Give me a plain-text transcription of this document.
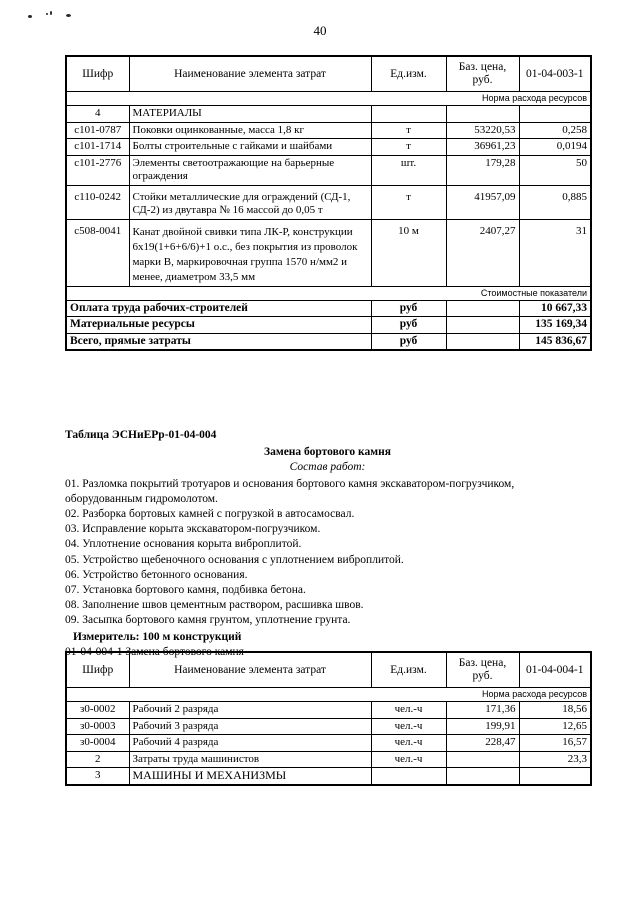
40
Шифр	Наименование элемента затрат	Ед.изм.	Баз. цена,
руб.	01-04-003-1
Норма расхода ресурсов				
4	МАТЕРИАЛЫ			
с101-0787	Поковки оцинкованные, масса 1,8 кг	т	53220,53	0,258
с101-1714	Болты строительные с гайками и шайбами	т	36961,23	0,0194
с101-2776	Элементы светоотражающие на барьерные ограждения	шт.	179,28	50
с110-0242	Стойки металлические для ограждений (СД-1, СД-2) из двутавра № 16 массой до 0,05 т	т	41957,09	0,885
с508-0041	Канат двойной свивки типа ЛК-Р, конструкции 6х19(1+6+6/6)+1 о.с., без покрытия из проволок марки В, маркировочная группа 1570 н/мм2 и менее, диаметром 33,5 мм	10 м	2407,27	31
Стоимостные показатели				
Оплата труда рабочих-строителей		руб		10 667,33
Материальные ресурсы		руб		135 169,34
Всего, прямые затраты		руб		145 836,67
Таблица ЭСНиЕРр-01-04-004
Замена бортового камня
Состав работ:
01. Разломка покрытий тротуаров и основания бортового камня экскаватором-погрузчиком, оборудованным гидромолотом.
02. Разборка бортовых камней с погрузкой в автосамосвал.
03. Исправление корыта экскаватором-погрузчиком.
04. Уплотнение основания корыта виброплитой.
05. Устройство щебеночного основания с уплотнением виброплитой.
06. Устройство бетонного основания.
07. Установка бортового камня, подбивка бетона.
08. Заполнение швов цементным раствором, расшивка швов.
09. Засыпка бортового камня грунтом, уплотнение грунта.
Измеритель: 100 м конструкций
01-04-004-1 Замена бортового камня
Шифр	Наименование элемента затрат	Ед.изм.	Баз. цена,
руб.	01-04-004-1
Норма расхода ресурсов				
з0-0002	Рабочий 2 разряда	чел.-ч	171,36	18,56
з0-0003	Рабочий 3 разряда	чел.-ч	199,91	12,65
з0-0004	Рабочий 4 разряда	чел.-ч	228,47	16,57
2	Затраты труда машинистов	чел.-ч		23,3
3	МАШИНЫ И МЕХАНИЗМЫ			
